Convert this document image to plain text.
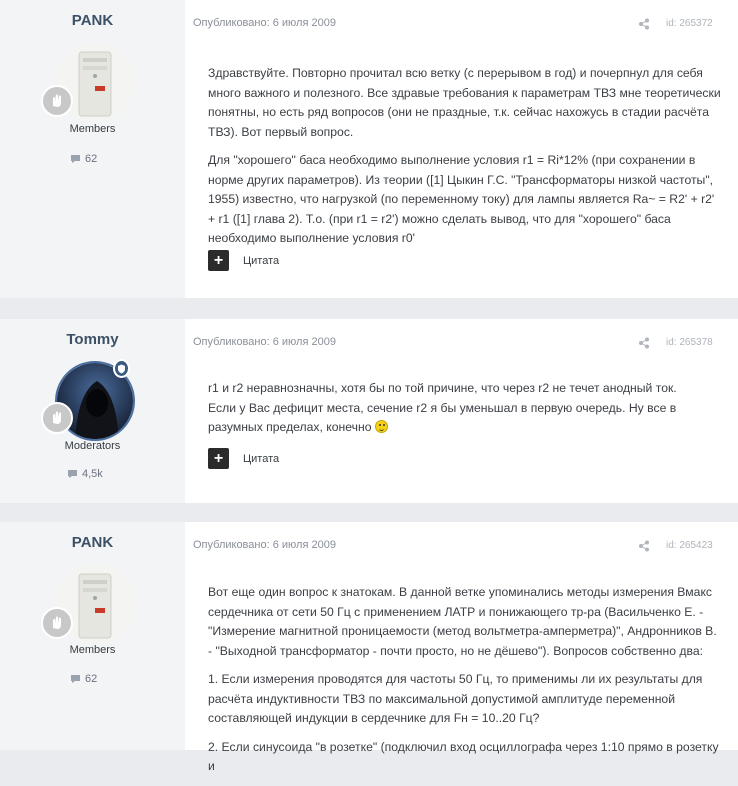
PANK
Members
62
Опубликовано: 6 июля 2009	id: 265372

Здравствуйте. Повторно прочитал всю ветку (с перерывом в год) и почерпнул для себя много важного и полезного. Все здравые требования к параметрам ТВЗ мне теоретически понятны, но есть ряд вопросов (они не праздные, т.к. сейчас нахожусь в стадии расчёта ТВЗ). Вот первый вопрос.

Для "хорошего" баса необходимо выполнение условия r1 = Ri*12% (при сохранении в норме других параметров). Из теории ([1] Цыкин Г.С. "Трансформаторы низкой частоты", 1955) известно, что нагрузкой (по переменному току) для лампы является Ra~ = R2' + r2' + r1 ([1] глава 2). Т.о. (при r1 = r2') можно сделать вывод, что для "хорошего" баса необходимо выполнение условия r0'

+	Цитата
Tommy
Moderators
4,5k
Опубликовано: 6 июля 2009	id: 265378

r1 и r2 неравнозначны, хотя бы по той причине, что через r2 не течет анодный ток. Если у Вас дефицит места, сечение r2 я бы уменьшал в первую очередь. Ну все в разумных пределах, конечно

+	Цитата
PANK
Members
62
Опубликовано: 6 июля 2009	id: 265423

Вот еще один вопрос к знатокам. В данной ветке упоминались методы измерения Вмакс сердечника от сети 50 Гц с применением ЛАТР и понижающего тр-ра (Васильченко Е. - "Измерение магнитной проницаемости (метод вольтметра-амперметра)", Андронников В. - "Выходной трансформатор - почти просто, но не дёшево"). Вопросов собственно два:

1. Если измерения проводятся для частоты 50 Гц, то применимы ли их результаты для расчёта индуктивности ТВЗ по максимальной допустимой амплитуде переменной составляющей индукции в сердечнике для Fн = 10..20 Гц?

2. Если синусоида "в розетке" (подключил вход осциллографа через 1:10 прямо в розетку и
